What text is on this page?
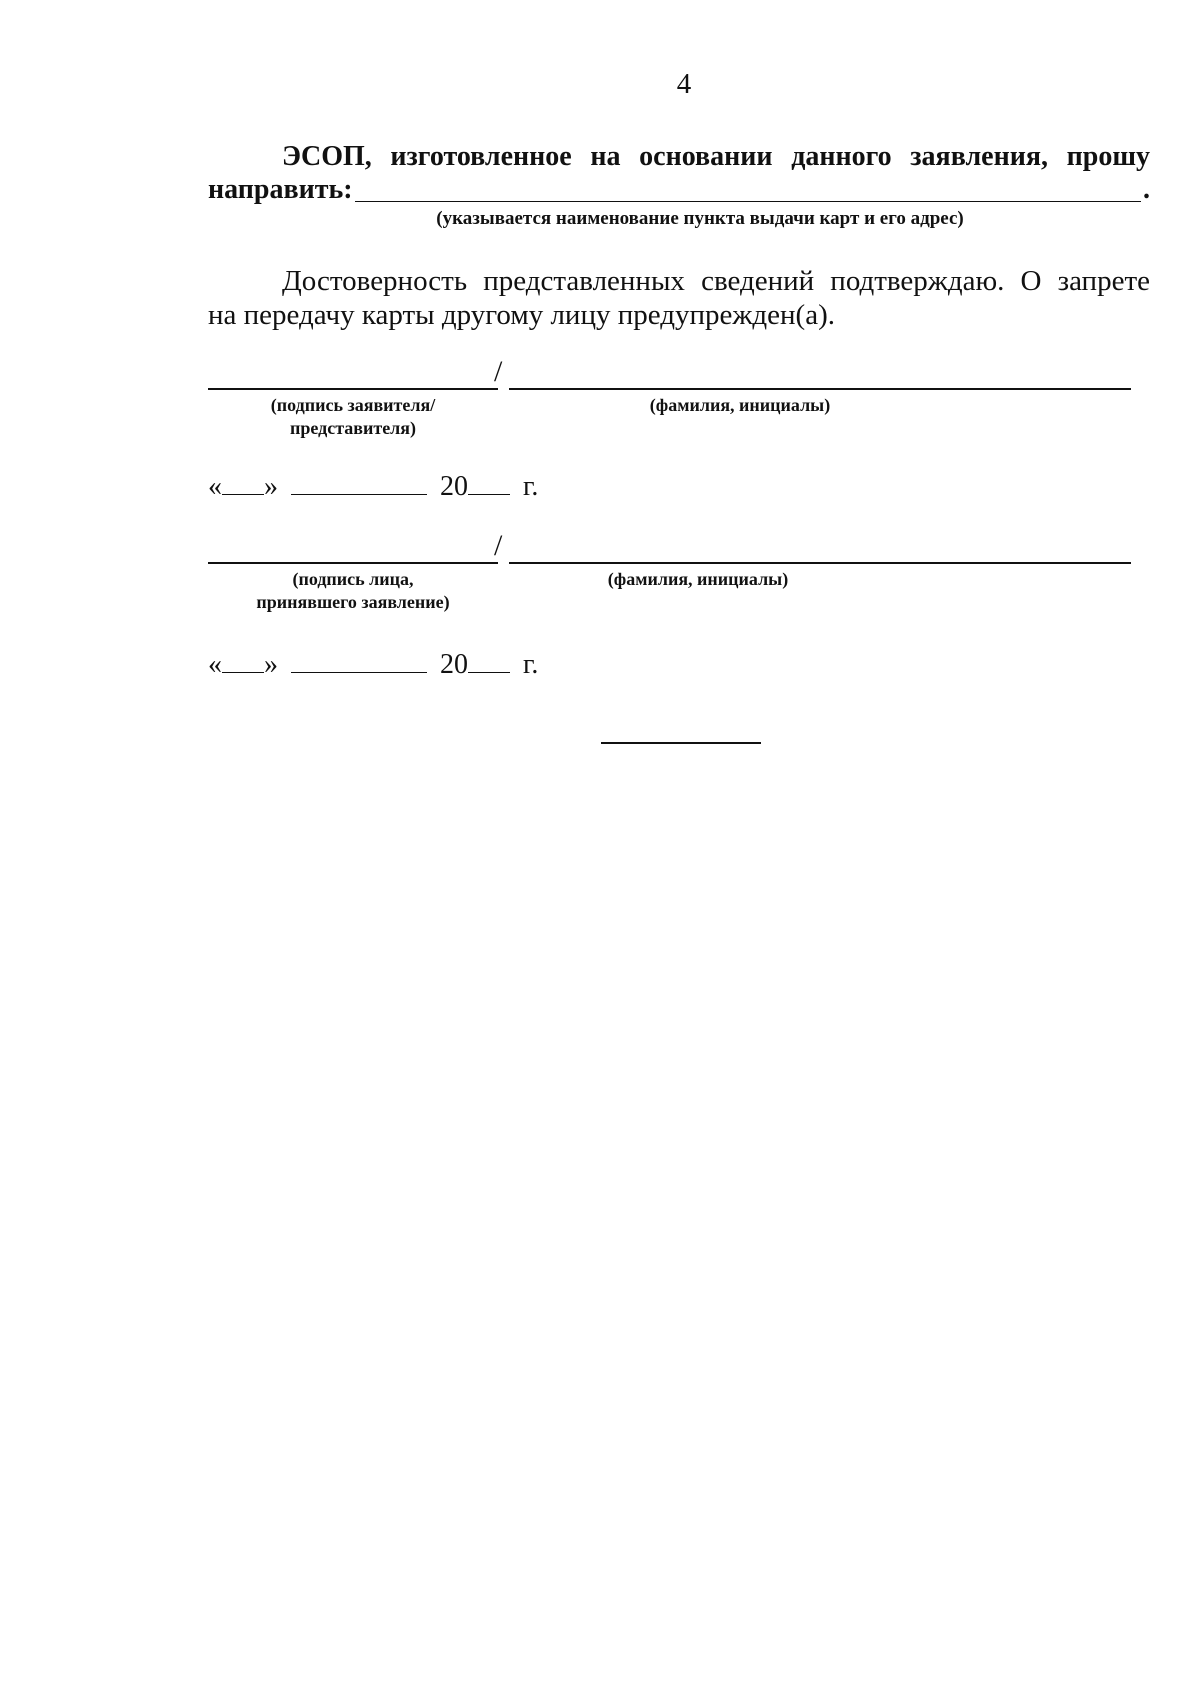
4
ЭСОП, изготовленное на основании данного заявления, прошу
направить:	.
(указывается наименование пункта выдачи карт и его адрес)
Достоверность представленных сведений подтверждаю. О запрете
на передачу карты другому лицу предупрежден(а).
/
(подпись заявителя/
представителя)
(фамилия, инициалы)
« »	20 г.
/
(подпись лица,
принявшего заявление)
(фамилия, инициалы)
« »	20 г.
